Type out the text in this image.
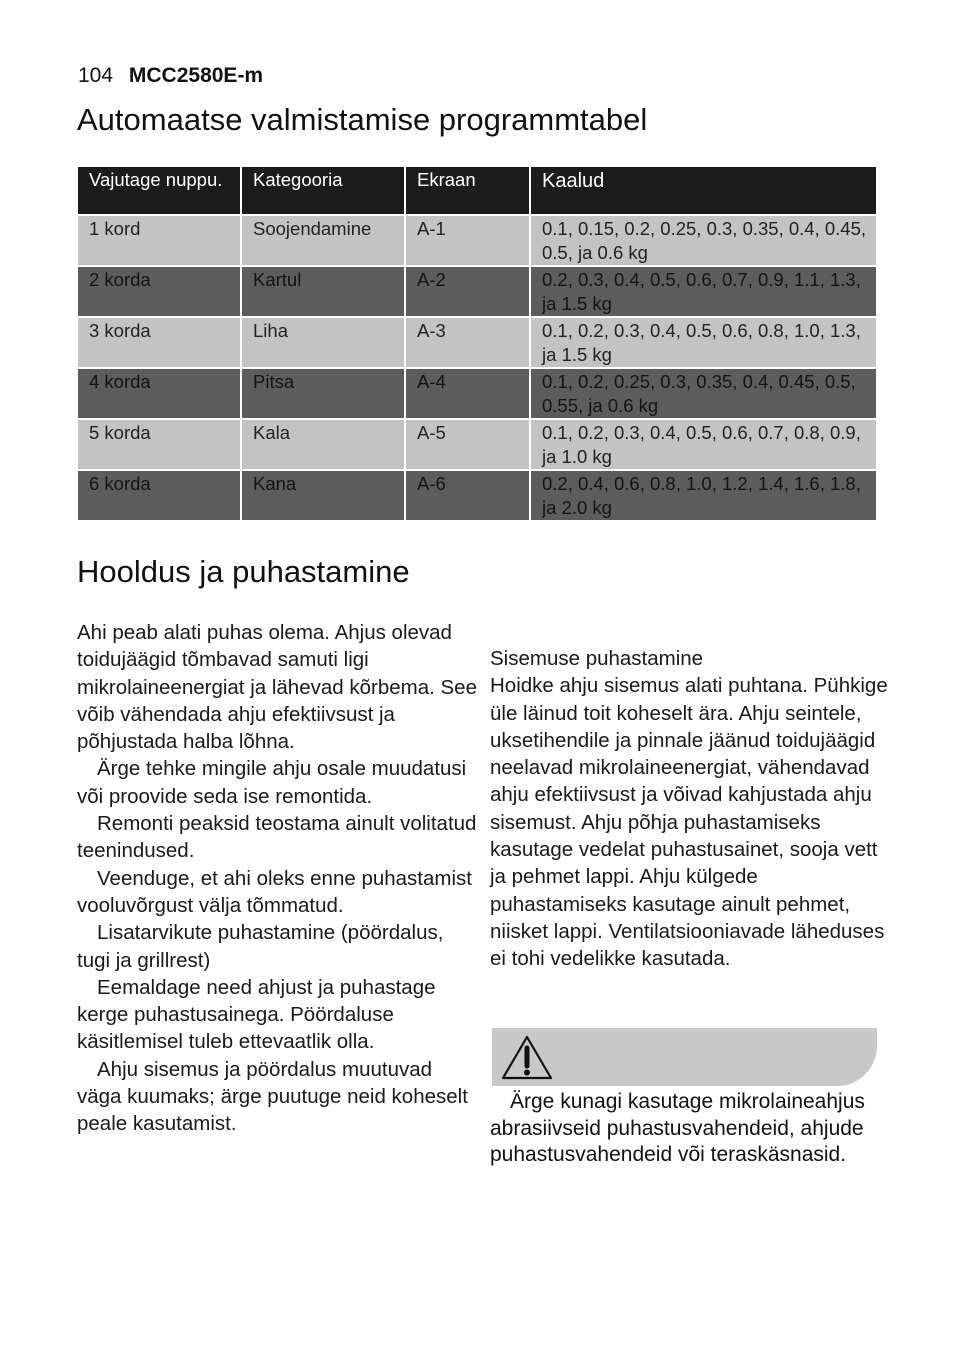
104 MCC2580E-m
Automaatse valmistamise programmtabel
Vajutage nuppu.	Kategooria	Ekraan	Kaalud
1 kord	Soojendamine	A-1	0.1, 0.15, 0.2, 0.25, 0.3, 0.35, 0.4, 0.45, 0.5, ja 0.6 kg
2 korda	Kartul	A-2	0.2, 0.3, 0.4, 0.5, 0.6, 0.7, 0.9, 1.1, 1.3, ja 1.5 kg
3 korda	Liha	A-3	0.1, 0.2, 0.3, 0.4, 0.5, 0.6, 0.8, 1.0, 1.3, ja 1.5 kg
4 korda	Pitsa	A-4	0.1, 0.2, 0.25, 0.3, 0.35, 0.4, 0.45, 0.5, 0.55, ja 0.6 kg
5 korda	Kala	A-5	0.1, 0.2, 0.3, 0.4, 0.5, 0.6, 0.7, 0.8, 0.9, ja 1.0 kg
6 korda	Kana	A-6	0.2, 0.4, 0.6, 0.8, 1.0, 1.2, 1.4, 1.6, 1.8, ja 2.0 kg
Hooldus ja puhastamine

Ahi peab alati puhas olema. Ahjus olevad toidujäägid tõmbavad samuti ligi mikrolaineenergiat ja lähevad kõrbema. See võib vähendada ahju efektiivsust ja põhjustada halba lõhna.

Ärge tehke mingile ahju osale muudatusi või proovide seda ise remontida.

Remonti peaksid teostama ainult volitatud teenindused.

Veenduge, et ahi oleks enne puhastamist vooluvõrgust välja tõmmatud.

Lisatarvikute puhastamine (pöördalus, tugi ja grillrest)

Eemaldage need ahjust ja puhastage kerge puhastusainega. Pöördaluse käsitlemisel tuleb ettevaatlik olla.

Ahju sisemus ja pöördalus muutuvad väga kuumaks; ärge puutuge neid koheselt peale kasutamist.

Sisemuse puhastamine

Hoidke ahju sisemus alati puhtana. Pühkige üle läinud toit koheselt ära. Ahju seintele, uksetihendile ja pinnale jäänud toidujäägid neelavad mikrolaineenergiat, vähendavad ahju efektiivsust ja võivad kahjustada ahju sisemust. Ahju põhja puhastamiseks kasutage vedelat puhastusainet, sooja vett ja pehmet lappi. Ahju külgede puhastamiseks kasutage ainult pehmet, niisket lappi. Ventilatsiooniavade läheduses ei tohi vedelikke kasutada.

Ärge kunagi kasutage mikrolaineahjus abrasiivseid puhastusvahendeid, ahjude puhastusvahendeid või teraskäsnasid.
